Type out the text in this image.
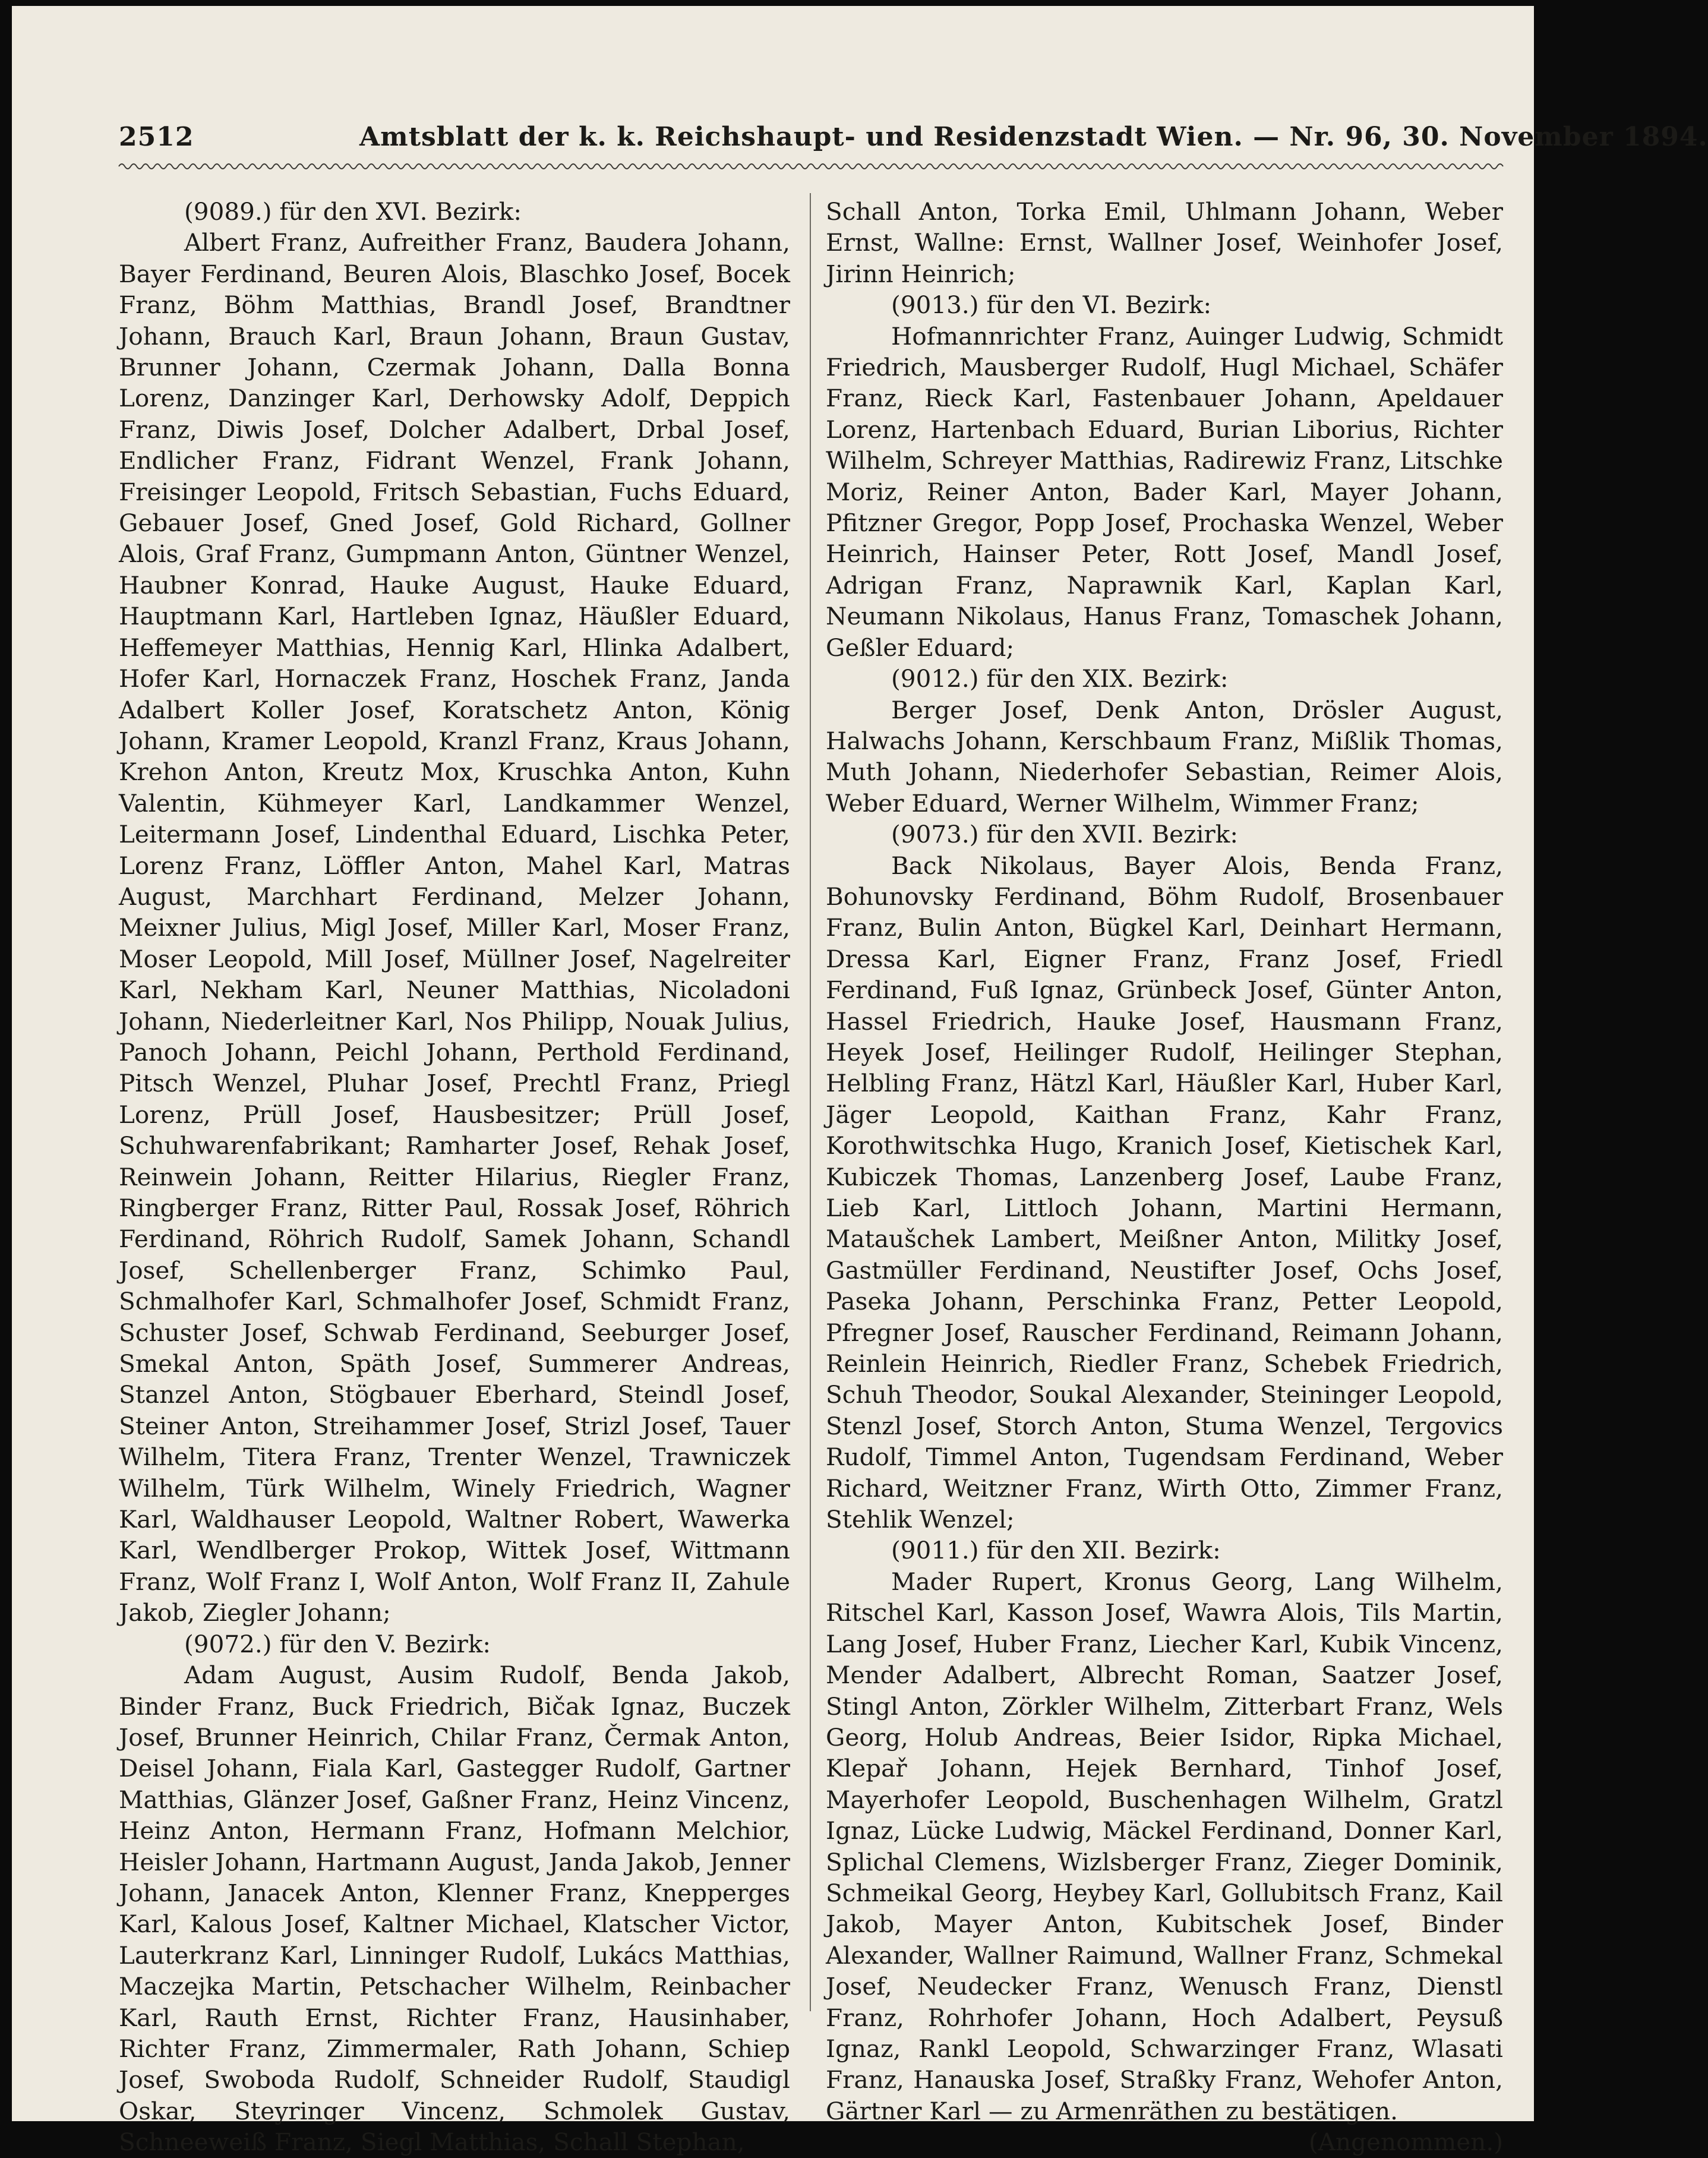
2512	Amtsblatt der k. k. Reichshaupt- und Residenzstadt Wien. — Nr. 96, 30. November 1894.

(9089.) für den XVI. Bezirk:

Albert Franz, Aufreither Franz, Baudera Johann, Bayer Ferdinand, Beuren Alois, Blaschko Josef, Bocek Franz, Böhm Matthias, Brandl Josef, Brandtner Johann, Brauch Karl, Braun Johann, Braun Gustav, Brunner Johann, Czermak Johann, Dalla Bonna Lorenz, Danzinger Karl, Derhowsky Adolf, Deppich Franz, Diwis Josef, Dolcher Adalbert, Drbal Josef, Endlicher Franz, Fidrant Wenzel, Frank Johann, Freisinger Leopold, Fritsch Sebastian, Fuchs Eduard, Gebauer Josef, Gned Josef, Gold Richard, Gollner Alois, Graf Franz, Gumpmann Anton, Güntner Wenzel, Haubner Konrad, Hauke August, Hauke Eduard, Hauptmann Karl, Hartleben Ignaz, Häußler Eduard, Heffemeyer Matthias, Hennig Karl, Hlinka Adalbert, Hofer Karl, Hornaczek Franz, Hoschek Franz, Janda Adalbert Koller Josef, Koratschetz Anton, König Johann, Kramer Leopold, Kranzl Franz, Kraus Johann, Krehon Anton, Kreutz Mox, Kruschka Anton, Kuhn Valentin, Kühmeyer Karl, Landkammer Wenzel, Leitermann Josef, Lindenthal Eduard, Lischka Peter, Lorenz Franz, Löffler Anton, Mahel Karl, Matras August, Marchhart Ferdinand, Melzer Johann, Meixner Julius, Migl Josef, Miller Karl, Moser Franz, Moser Leopold, Mill Josef, Müllner Josef, Nagelreiter Karl, Nekham Karl, Neuner Matthias, Nicoladoni Johann, Niederleitner Karl, Nos Philipp, Nouak Julius, Panoch Johann, Peichl Johann, Perthold Ferdinand, Pitsch Wenzel, Pluhar Josef, Prechtl Franz, Priegl Lorenz, Prüll Josef, Hausbesitzer; Prüll Josef, Schuhwarenfabrikant; Ramharter Josef, Rehak Josef, Reinwein Johann, Reitter Hilarius, Riegler Franz, Ringberger Franz, Ritter Paul, Rossak Josef, Röhrich Ferdinand, Röhrich Rudolf, Samek Johann, Schandl Josef, Schellenberger Franz, Schimko Paul, Schmalhofer Karl, Schmalhofer Josef, Schmidt Franz, Schuster Josef, Schwab Ferdinand, Seeburger Josef, Smekal Anton, Späth Josef, Summerer Andreas, Stanzel Anton, Stögbauer Eberhard, Steindl Josef, Steiner Anton, Streihammer Josef, Strizl Josef, Tauer Wilhelm, Titera Franz, Trenter Wenzel, Trawniczek Wilhelm, Türk Wilhelm, Winely Friedrich, Wagner Karl, Waldhauser Leopold, Waltner Robert, Wawerka Karl, Wendlberger Prokop, Wittek Josef, Wittmann Franz, Wolf Franz I, Wolf Anton, Wolf Franz II, Zahule Jakob, Ziegler Johann;

(9072.) für den V. Bezirk:

Adam August, Ausim Rudolf, Benda Jakob, Binder Franz, Buck Friedrich, Bičak Ignaz, Buczek Josef, Brunner Heinrich, Chilar Franz, Čermak Anton, Deisel Johann, Fiala Karl, Gastegger Rudolf, Gartner Matthias, Glänzer Josef, Gaßner Franz, Heinz Vincenz, Heinz Anton, Hermann Franz, Hofmann Melchior, Heisler Johann, Hartmann August, Janda Jakob, Jenner Johann, Janacek Anton, Klenner Franz, Knepperges Karl, Kalous Josef, Kaltner Michael, Klatscher Victor, Lauterkranz Karl, Linninger Rudolf, Lukács Matthias, Maczejka Martin, Petschacher Wilhelm, Reinbacher Karl, Rauth Ernst, Richter Franz, Hausinhaber, Richter Franz, Zimmermaler, Rath Johann, Schiep Josef, Swoboda Rudolf, Schneider Rudolf, Staudigl Oskar, Steyringer Vincenz, Schmolek Gustav, Schneeweiß Franz, Siegl Matthias, Schall Stephan,

Schall Anton, Torka Emil, Uhlmann Johann, Weber Ernst, Wallne: Ernst, Wallner Josef, Weinhofer Josef, Jirinn Heinrich;

(9013.) für den VI. Bezirk:

Hofmannrichter Franz, Auinger Ludwig, Schmidt Friedrich, Mausberger Rudolf, Hugl Michael, Schäfer Franz, Rieck Karl, Fastenbauer Johann, Apeldauer Lorenz, Hartenbach Eduard, Burian Liborius, Richter Wilhelm, Schreyer Matthias, Radirewiz Franz, Litschke Moriz, Reiner Anton, Bader Karl, Mayer Johann, Pfitzner Gregor, Popp Josef, Prochaska Wenzel, Weber Heinrich, Hainser Peter, Rott Josef, Mandl Josef, Adrigan Franz, Naprawnik Karl, Kaplan Karl, Neumann Nikolaus, Hanus Franz, Tomaschek Johann, Geßler Eduard;

(9012.) für den XIX. Bezirk:

Berger Josef, Denk Anton, Drösler August, Halwachs Johann, Kerschbaum Franz, Mißlik Thomas, Muth Johann, Niederhofer Sebastian, Reimer Alois, Weber Eduard, Werner Wilhelm, Wimmer Franz;

(9073.) für den XVII. Bezirk:

Back Nikolaus, Bayer Alois, Benda Franz, Bohunovsky Ferdinand, Böhm Rudolf, Brosenbauer Franz, Bulin Anton, Bügkel Karl, Deinhart Hermann, Dressa Karl, Eigner Franz, Franz Josef, Friedl Ferdinand, Fuß Ignaz, Grünbeck Josef, Günter Anton, Hassel Friedrich, Hauke Josef, Hausmann Franz, Heyek Josef, Heilinger Rudolf, Heilinger Stephan, Helbling Franz, Hätzl Karl, Häußler Karl, Huber Karl, Jäger Leopold, Kaithan Franz, Kahr Franz, Korothwitschka Hugo, Kranich Josef, Kietischek Karl, Kubiczek Thomas, Lanzenberg Josef, Laube Franz, Lieb Karl, Littloch Johann, Martini Hermann, Mataušchek Lambert, Meißner Anton, Militky Josef, Gastmüller Ferdinand, Neustifter Josef, Ochs Josef, Paseka Johann, Perschinka Franz, Petter Leopold, Pfregner Josef, Rauscher Ferdinand, Reimann Johann, Reinlein Heinrich, Riedler Franz, Schebek Friedrich, Schuh Theodor, Soukal Alexander, Steininger Leopold, Stenzl Josef, Storch Anton, Stuma Wenzel, Tergovics Rudolf, Timmel Anton, Tugendsam Ferdinand, Weber Richard, Weitzner Franz, Wirth Otto, Zimmer Franz, Stehlik Wenzel;

(9011.) für den XII. Bezirk:

Mader Rupert, Kronus Georg, Lang Wilhelm, Ritschel Karl, Kasson Josef, Wawra Alois, Tils Martin, Lang Josef, Huber Franz, Liecher Karl, Kubik Vincenz, Mender Adalbert, Albrecht Roman, Saatzer Josef, Stingl Anton, Zörkler Wilhelm, Zitterbart Franz, Wels Georg, Holub Andreas, Beier Isidor, Ripka Michael, Klepař Johann, Hejek Bernhard, Tinhof Josef, Mayerhofer Leopold, Buschenhagen Wilhelm, Gratzl Ignaz, Lücke Ludwig, Mäckel Ferdinand, Donner Karl, Splichal Clemens, Wizlsberger Franz, Zieger Dominik, Schmeikal Georg, Heybey Karl, Gollubitsch Franz, Kail Jakob, Mayer Anton, Kubitschek Josef, Binder Alexander, Wallner Raimund, Wallner Franz, Schmekal Josef, Neudecker Franz, Wenusch Franz, Dienstl Franz, Rohrhofer Johann, Hoch Adalbert, Peysuß Ignaz, Rankl Leopold, Schwarzinger Franz, Wlasati Franz, Hanauska Josef, Straßky Franz, Wehofer Anton, Gärtner Karl — zu Armenräthen zu bestätigen.

(Angenommen.)
